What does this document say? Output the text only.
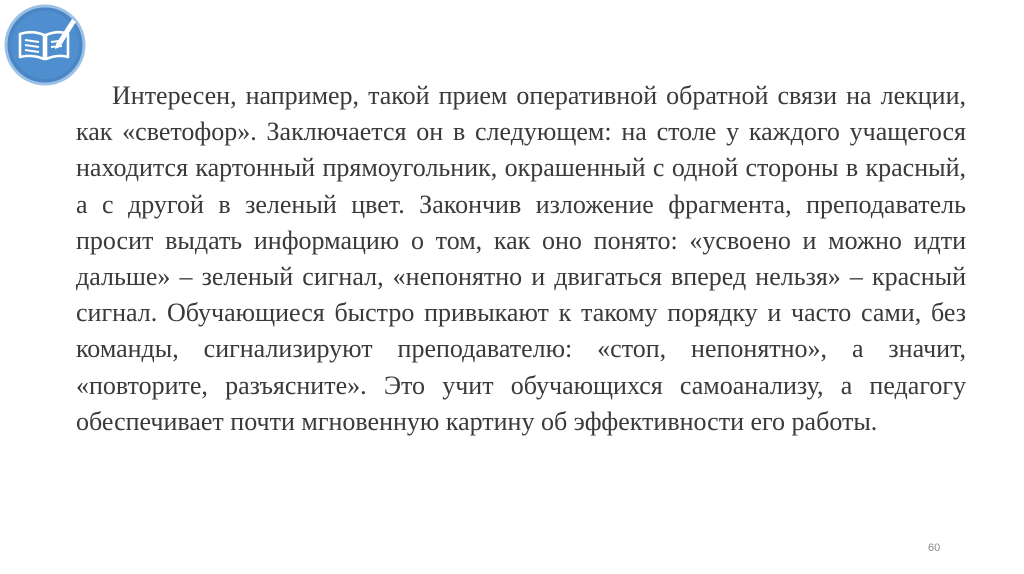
Интересен, например, такой прием оперативной обратной связи на лекции, как «светофор». Заключается он в следующем: на столе у каждого учащегося находится картонный прямоугольник, окрашенный с одной стороны в красный, а с другой в зеленый цвет. Закончив изложение фрагмента, преподаватель просит выдать информацию о том, как оно понято: «усвоено и можно идти дальше» – зеленый сигнал, «непонятно и двигаться вперед нельзя» – красный сигнал. Обучающиеся быстро привыкают к такому порядку и часто сами, без команды, сигнализируют преподавателю: «стоп, непонятно», а значит, «повторите, разъясните». Это учит обучающихся самоанализу, а педагогу обеспечивает почти мгновенную картину об эффективности его работы.

60
